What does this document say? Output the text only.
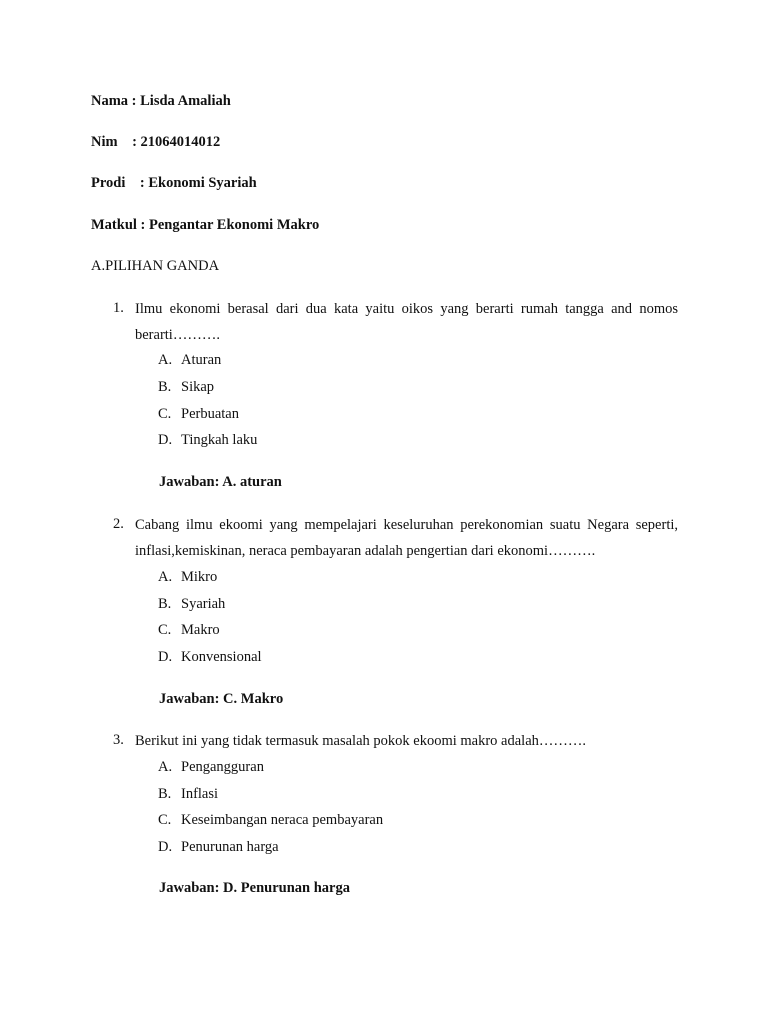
Nama : Lisda Amaliah
Nim    : 21064014012
Prodi    : Ekonomi Syariah
Matkul : Pengantar Ekonomi Makro
A.PILIHAN GANDA
1. Ilmu ekonomi berasal dari dua kata yaitu oikos yang berarti rumah tangga and nomos berarti……….
A. Aturan
B. Sikap
C. Perbuatan
D. Tingkah laku
Jawaban: A. aturan
2. Cabang ilmu ekoomi yang mempelajari keseluruhan perekonomian suatu Negara seperti, inflasi,kemiskinan, neraca pembayaran adalah pengertian dari ekonomi……….
A. Mikro
B. Syariah
C. Makro
D. Konvensional
Jawaban: C. Makro
3. Berikut ini yang tidak termasuk masalah pokok ekoomi makro adalah……….
A. Pengangguran
B. Inflasi
C. Keseimbangan neraca pembayaran
D. Penurunan harga
Jawaban: D. Penurunan harga
